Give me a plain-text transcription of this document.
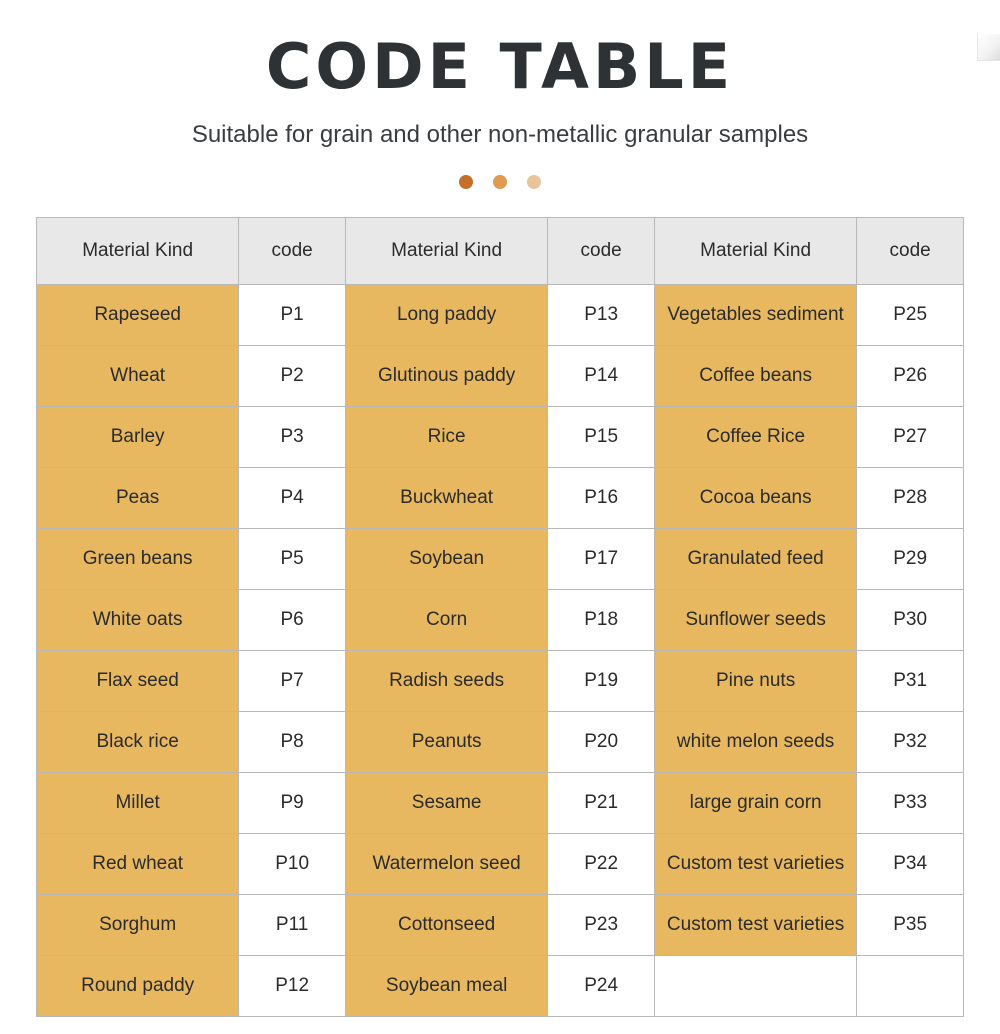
CODE TABLE
Suitable for grain and other non-metallic granular samples
Material Kind	code	Material Kind	code	Material Kind	code
Rapeseed	P1	Long paddy	P13	Vegetables sediment	P25
Wheat	P2	Glutinous paddy	P14	Coffee beans	P26
Barley	P3	Rice	P15	Coffee Rice	P27
Peas	P4	Buckwheat	P16	Cocoa beans	P28
Green beans	P5	Soybean	P17	Granulated feed	P29
White oats	P6	Corn	P18	Sunflower seeds	P30
Flax seed	P7	Radish seeds	P19	Pine nuts	P31
Black rice	P8	Peanuts	P20	white melon seeds	P32
Millet	P9	Sesame	P21	large grain corn	P33
Red wheat	P10	Watermelon seed	P22	Custom test varieties	P34
Sorghum	P11	Cottonseed	P23	Custom test varieties	P35
Round paddy	P12	Soybean meal	P24		
